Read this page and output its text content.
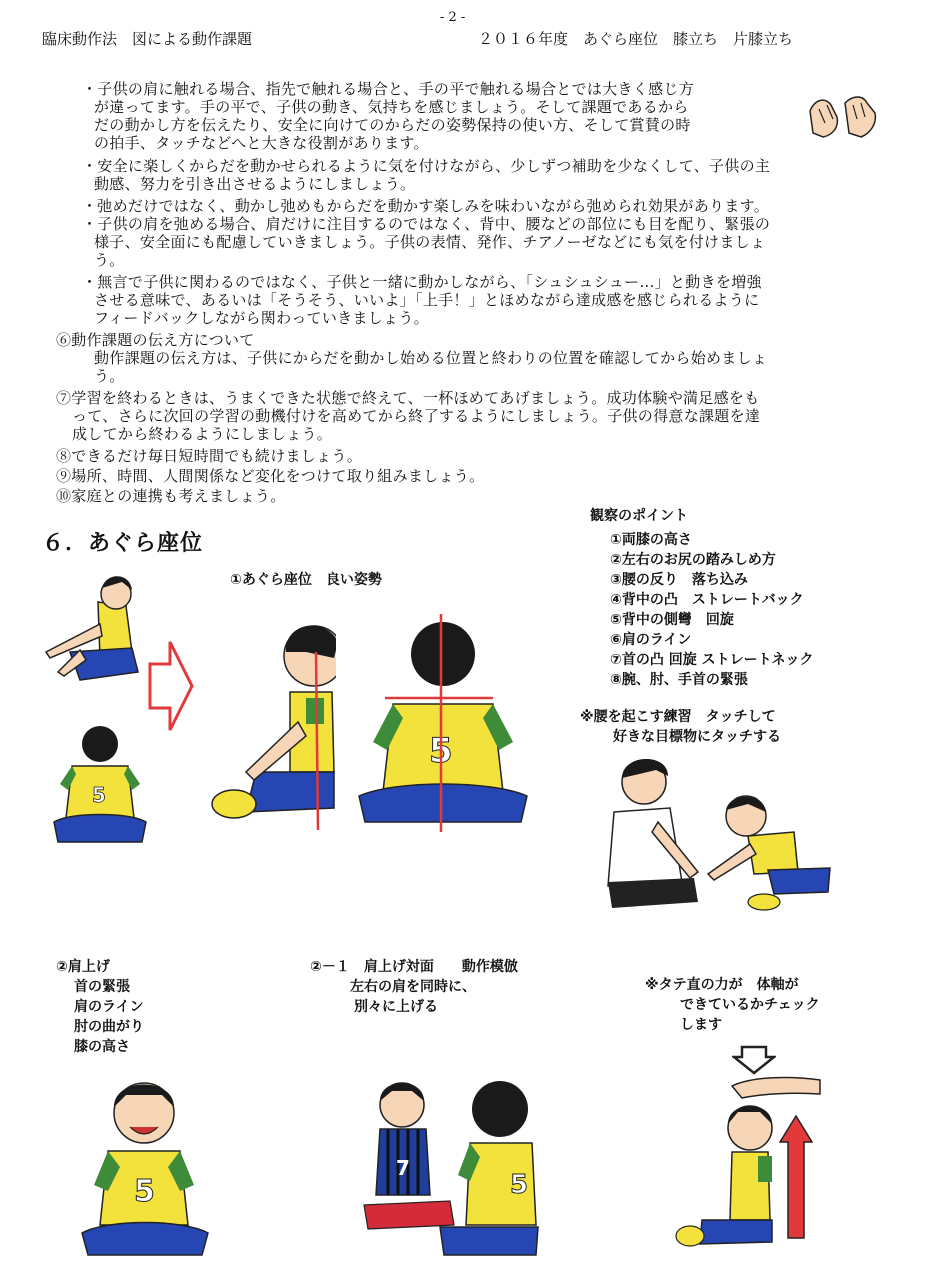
臨床動作法　図による動作課題
- 2 -
２０１６年度　あぐら座位　膝立ち　片膝立ち
・子供の肩に触れる場合、指先で触れる場合と、手の平で触れる場合とでは大きく感じ方
が違ってます。手の平で、子供の動き、気持ちを感じましょう。そして課題であるから
だの動かし方を伝えたり、安全に向けてのからだの姿勢保持の使い方、そして賞賛の時
の拍手、タッチなどへと大きな役割があります。
・安全に楽しくからだを動かせられるように気を付けながら、少しずつ補助を少なくして、子供の主
動感、努力を引き出させるようにしましょう。
・弛めだけではなく、動かし弛めもからだを動かす楽しみを味わいながら弛められ効果があります。
・子供の肩を弛める場合、肩だけに注目するのではなく、背中、腰などの部位にも目を配り、緊張の
様子、安全面にも配慮していきましょう。子供の表情、発作、チアノーゼなどにも気を付けましょ
う。
・無言で子供に関わるのではなく、子供と一緒に動かしながら、「シュシュシュー…」と動きを増強
させる意味で、あるいは「そうそう、いいよ」「上手！」とほめながら達成感を感じられるように
フィードバックしながら関わっていきましょう。
⑥動作課題の伝え方について
動作課題の伝え方は、子供にからだを動かし始める位置と終わりの位置を確認してから始めましょ
う。
⑦学習を終わるときは、うまくできた状態で終えて、一杯ほめてあげましょう。成功体験や満足感をも
って、さらに次回の学習の動機付けを高めてから終了するようにしましょう。子供の得意な課題を達
成してから終わるようにしましょう。
⑧できるだけ毎日短時間でも続けましょう。
⑨場所、時間、人間関係など変化をつけて取り組みましょう。
⑩家庭との連携も考えましょう。
６．あぐら座位
①あぐら座位　良い姿勢
観察のポイント
①両膝の高さ
②左右のお尻の踏みしめ方
③腰の反り　落ち込み
④背中の凸　ストレートバック
⑤背中の側彎　回旋
⑥肩のライン
⑦首の凸 回旋 ストレートネック
⑧腕、肘、手首の緊張
※腰を起こす練習　タッチして
好きな目標物にタッチする
②肩上げ
首の緊張
肩のライン
肘の曲がり
膝の高さ
②－１　肩上げ対面　　動作模倣
左右の肩を同時に、
別々に上げる
※タテ直の力が　体軸が
できているかチェック
します
5
5
5
7
5
